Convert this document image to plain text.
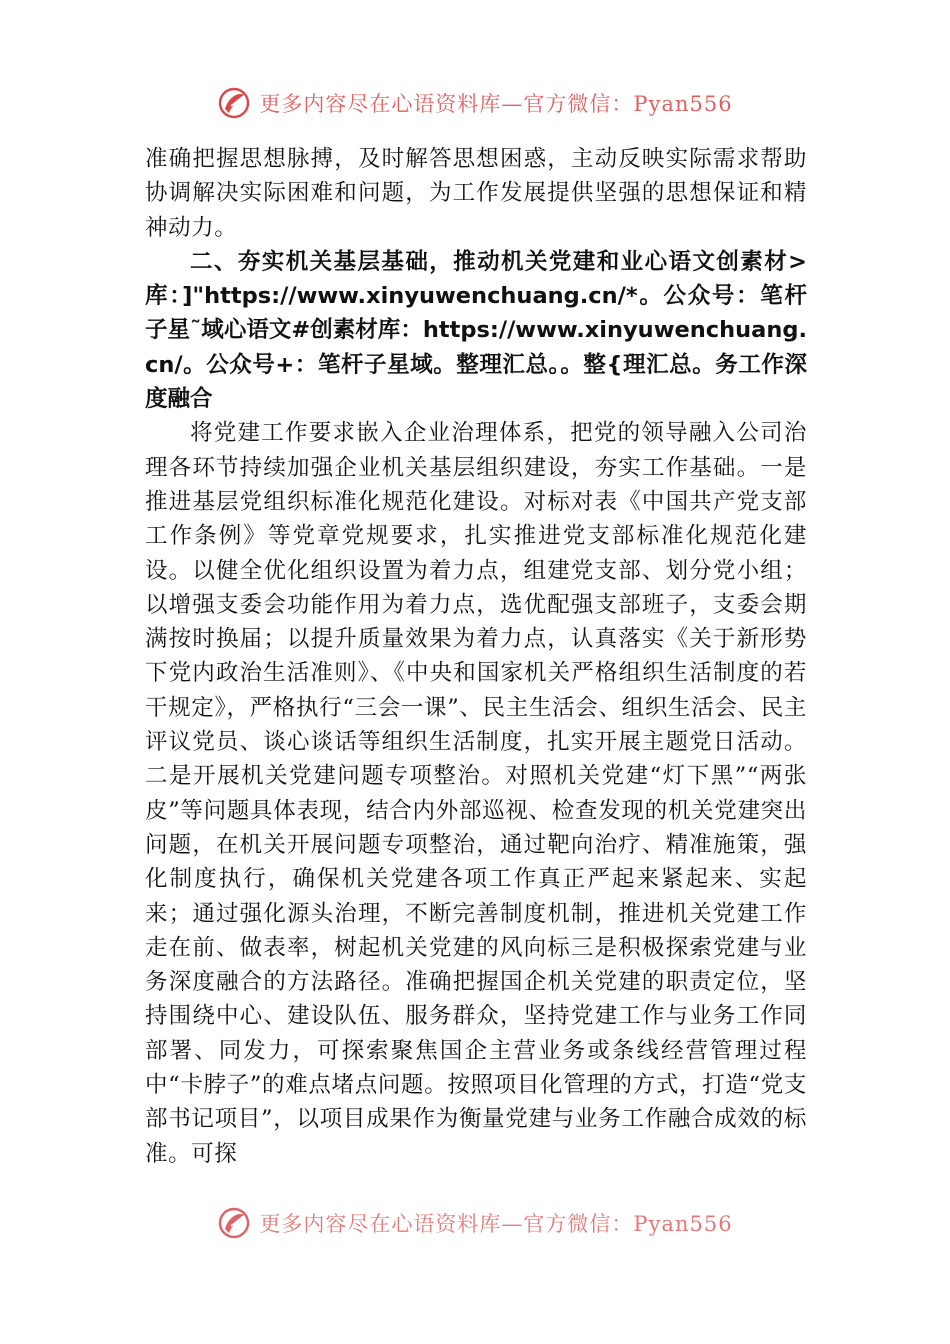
更多内容尽在心语资料库—官方微信：Pyan556

准确把握思想脉搏，及时解答思想困惑，主动反映实际需求帮助协调解决实际困难和问题，为工作发展提供坚强的思想保证和精神动力。

二、夯实机关基层基础，推动机关党建和业心语文创素材>库：]"https://www.xinyuwenchuang.cn/*。公众号：笔杆子星˜域心语文#创素材库：https://www.xinyuwenchuang.cn/。公众号+：笔杆子星域。整理汇总。。整{理汇总。务工作深度融合

将党建工作要求嵌入企业治理体系，把党的领导融入公司治理各环节持续加强企业机关基层组织建设，夯实工作基础。一是推进基层党组织标准化规范化建设。对标对表《中国共产党支部工作条例》等党章党规要求，扎实推进党支部标准化规范化建设。以健全优化组织设置为着力点，组建党支部、划分党小组；以增强支委会功能作用为着力点，选优配强支部班子，支委会期满按时换届；以提升质量效果为着力点，认真落实《关于新形势下党内政治生活准则》、《中央和国家机关严格组织生活制度的若干规定》，严格执行“三会一课”、民主生活会、组织生活会、民主评议党员、谈心谈话等组织生活制度，扎实开展主题党日活动。二是开展机关党建问题专项整治。对照机关党建“灯下黑”“两张皮”等问题具体表现，结合内外部巡视、检查发现的机关党建突出问题，在机关开展问题专项整治，通过靶向治疗、精准施策，强化制度执行，确保机关党建各项工作真正严起来紧起来、实起来；通过强化源头治理，不断完善制度机制，推进机关党建工作走在前、做表率，树起机关党建的风向标三是积极探索党建与业务深度融合的方法路径。准确把握国企机关党建的职责定位，坚持围绕中心、建设队伍、服务群众，坚持党建工作与业务工作同部署、同发力，可探索聚焦国企主营业务或条线经营管理过程中“卡脖子”的难点堵点问题。按照项目化管理的方式，打造“党支部书记项目”，以项目成果作为衡量党建与业务工作融合成效的标准。可探

更多内容尽在心语资料库—官方微信：Pyan556
